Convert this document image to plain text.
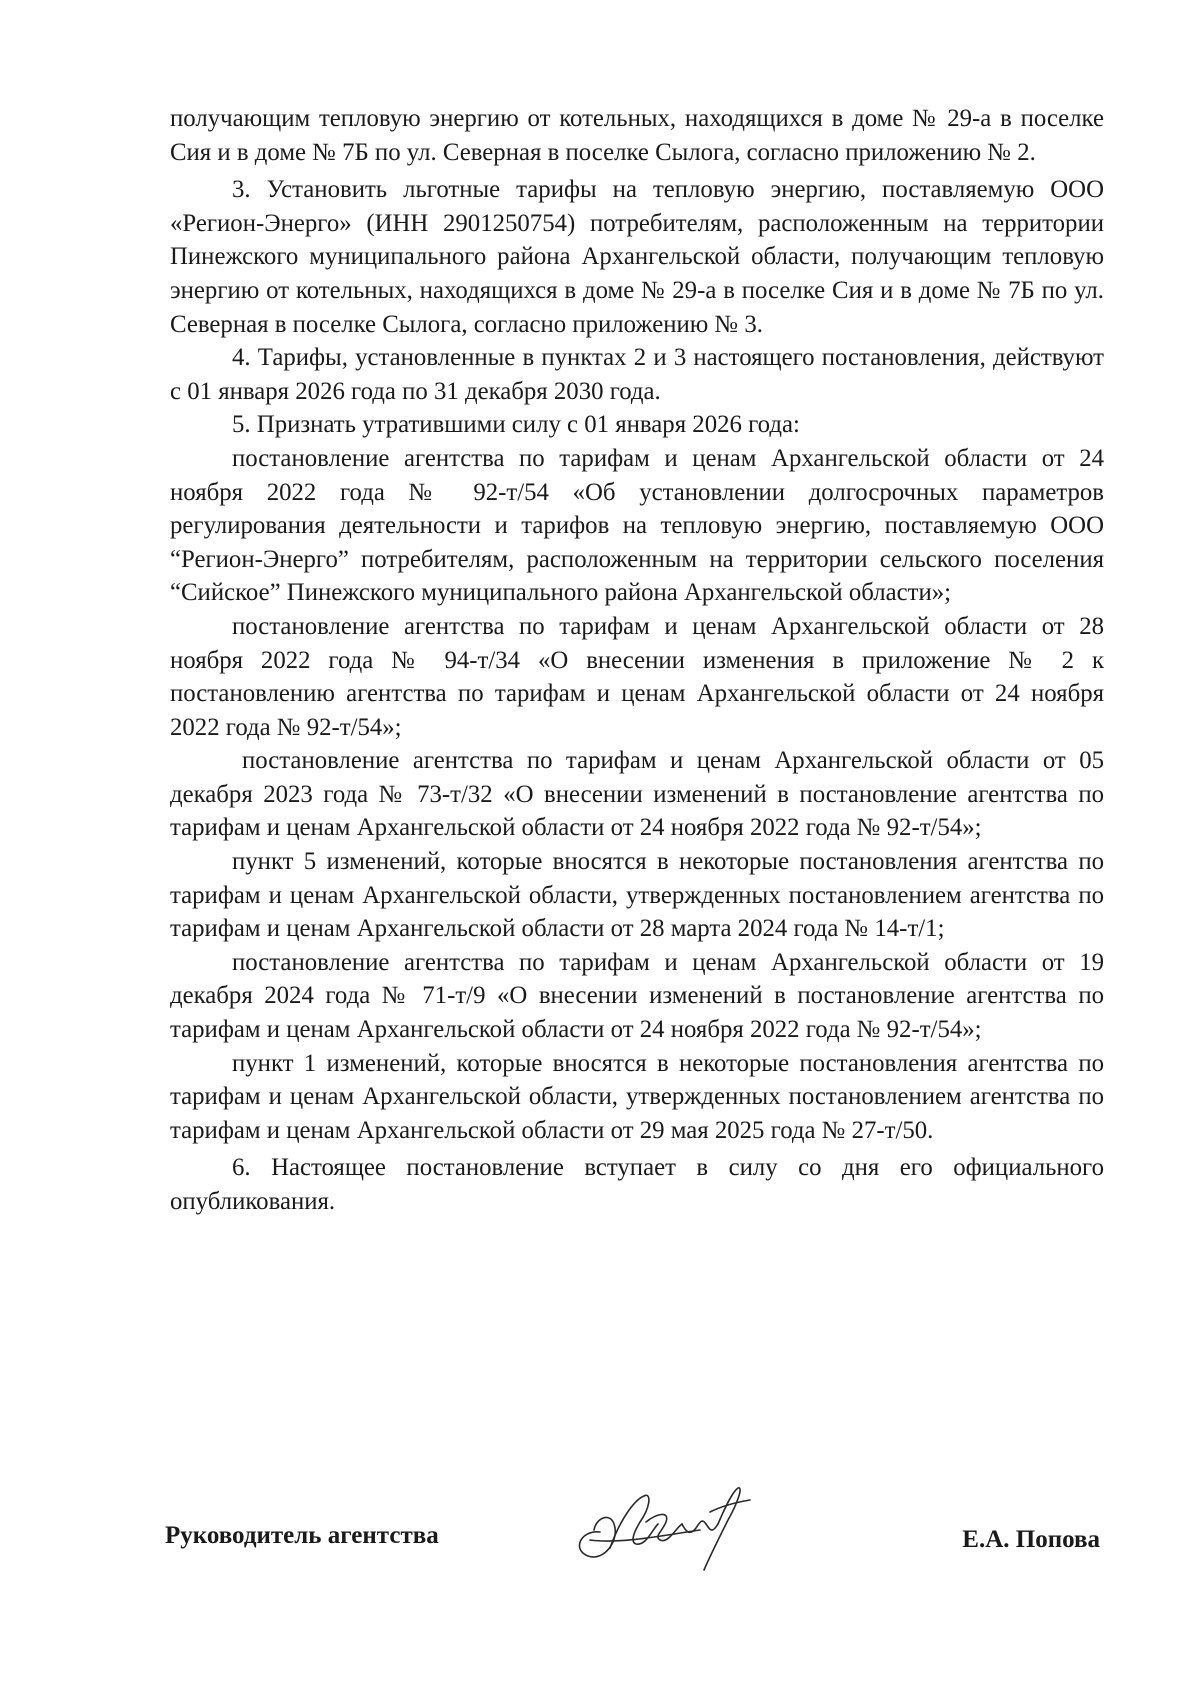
получающим тепловую энергию от котельных, находящихся в доме № 29-а в поселке Сия и в доме № 7Б по ул. Северная в поселке Сылога, согласно приложению № 2.

3. Установить льготные тарифы на тепловую энергию, поставляемую ООО «Регион-Энерго» (ИНН 2901250754) потребителям, расположенным на территории Пинежского муниципального района Архангельской области, получающим тепловую энергию от котельных, находящихся в доме № 29-а в поселке Сия и в доме № 7Б по ул. Северная в поселке Сылога, согласно приложению № 3.

4. Тарифы, установленные в пунктах 2 и 3 настоящего постановления, действуют с 01 января 2026 года по 31 декабря 2030 года.

5. Признать утратившими силу с 01 января 2026 года:

постановление агентства по тарифам и ценам Архангельской области от 24 ноября 2022 года № 92-т/54 «Об установлении долгосрочных параметров регулирования деятельности и тарифов на тепловую энергию, поставляемую ООО “Регион-Энерго” потребителям, расположенным на территории сельского поселения “Сийское” Пинежского муниципального района Архангельской области»;

постановление агентства по тарифам и ценам Архангельской области от 28 ноября 2022 года № 94-т/34 «О внесении изменения в приложение № 2 к постановлению агентства по тарифам и ценам Архангельской области от 24 ноября 2022 года № 92-т/54»;

постановление агентства по тарифам и ценам Архангельской области от 05 декабря 2023 года № 73-т/32 «О внесении изменений в постановление агентства по тарифам и ценам Архангельской области от 24 ноября 2022 года № 92-т/54»;

пункт 5 изменений, которые вносятся в некоторые постановления агентства по тарифам и ценам Архангельской области, утвержденных постановлением агентства по тарифам и ценам Архангельской области от 28 марта 2024 года № 14-т/1;

постановление агентства по тарифам и ценам Архангельской области от 19 декабря 2024 года № 71-т/9 «О внесении изменений в постановление агентства по тарифам и ценам Архангельской области от 24 ноября 2022 года № 92-т/54»;

пункт 1 изменений, которые вносятся в некоторые постановления агентства по тарифам и ценам Архангельской области, утвержденных постановлением агентства по тарифам и ценам Архангельской области от 29 мая 2025 года № 27-т/50.

6. Настоящее постановление вступает в силу со дня его официального опубликования.

Руководитель агентства	Е.А. Попова
